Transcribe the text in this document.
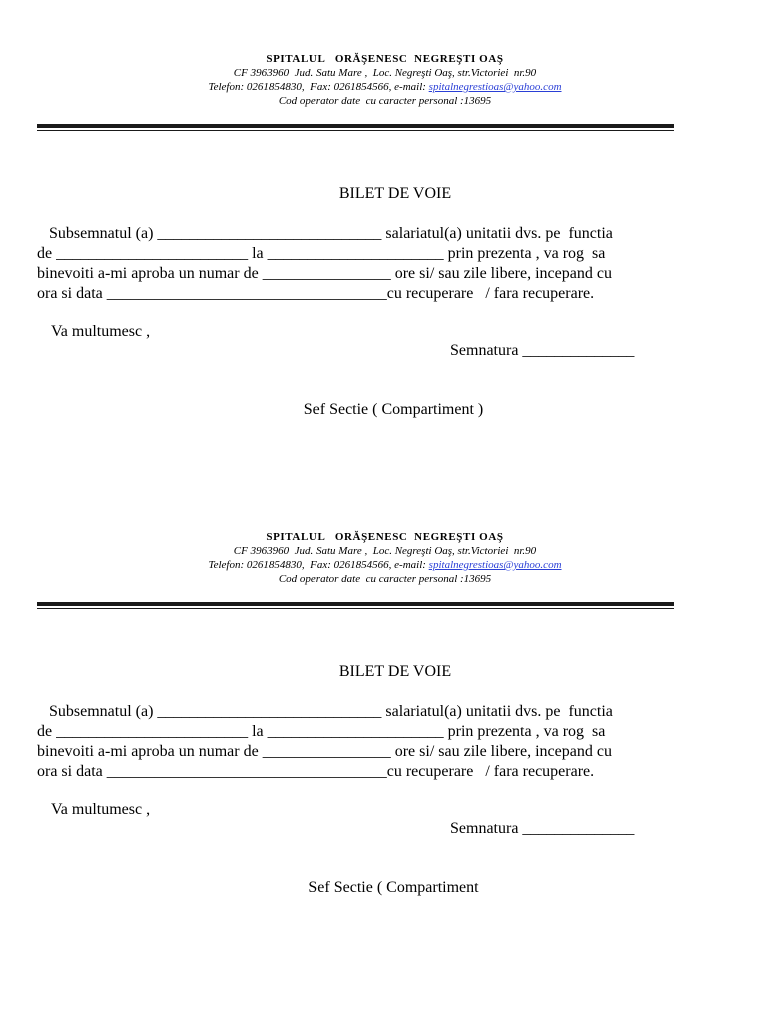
SPITALUL   ORĂŞENESC  NEGREŞTI OAŞ
CF 3963960  Jud. Satu Mare ,  Loc. Negreşti Oaş, str.Victoriei  nr.90
Telefon: 0261854830,  Fax: 0261854566, e-mail: spitalnegrestioas@yahoo.com
Cod operator date  cu caracter personal :13695
BILET DE VOIE
Subsemnatul (a) ____________________________ salariatul(a) unitatii dvs. pe  functia
de ________________________ la ______________________ prin prezenta , va rog  sa
binevoiti a-mi aproba un numar de ________________ ore si/ sau zile libere, incepand cu
ora si data ___________________________________cu recuperare   / fara recuperare.
Va multumesc ,
Semnatura ______________
Sef Sectie ( Compartiment )
SPITALUL   ORĂŞENESC  NEGREŞTI OAŞ
CF 3963960  Jud. Satu Mare ,  Loc. Negreşti Oaş, str.Victoriei  nr.90
Telefon: 0261854830,  Fax: 0261854566, e-mail: spitalnegrestioas@yahoo.com
Cod operator date  cu caracter personal :13695
BILET DE VOIE
Subsemnatul (a) ____________________________ salariatul(a) unitatii dvs. pe  functia
de ________________________ la ______________________ prin prezenta , va rog  sa
binevoiti a-mi aproba un numar de ________________ ore si/ sau zile libere, incepand cu
ora si data ___________________________________cu recuperare   / fara recuperare.
Va multumesc ,
Semnatura ______________
Sef Sectie ( Compartiment
